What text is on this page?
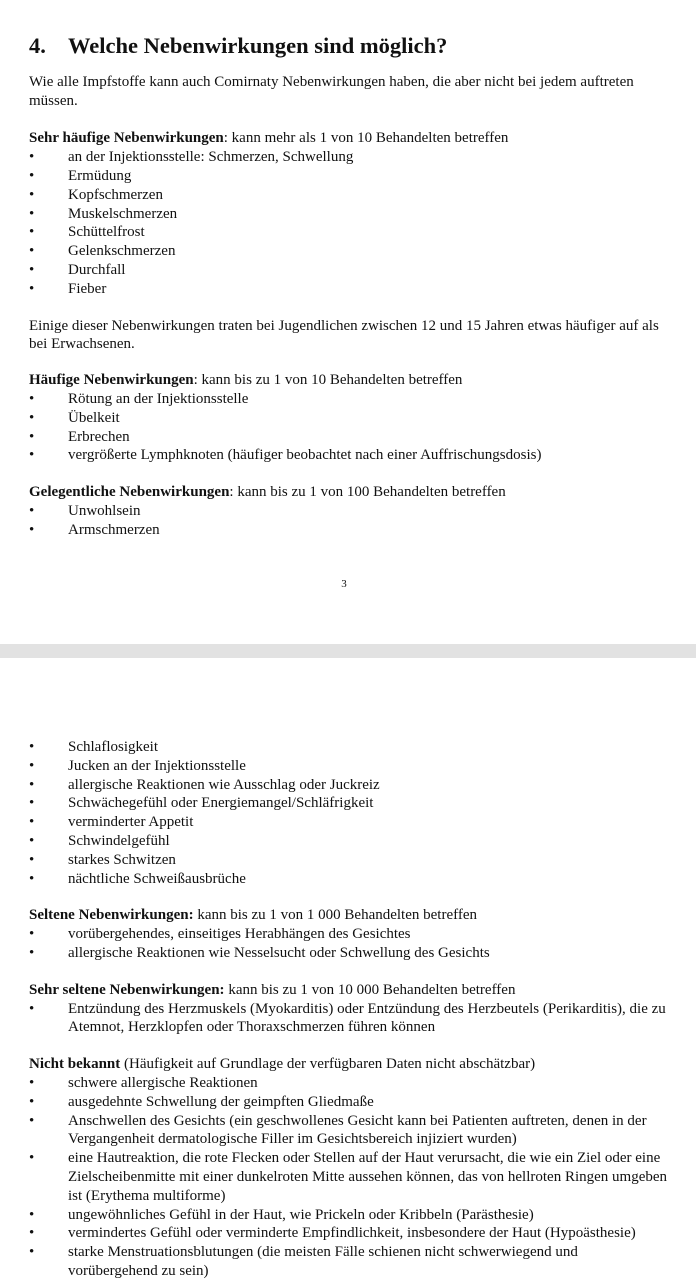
4. Welche Nebenwirkungen sind möglich?

Wie alle Impfstoffe kann auch Comirnaty Nebenwirkungen haben, die aber nicht bei jedem auftreten müssen.

Sehr häufige Nebenwirkungen: kann mehr als 1 von 10 Behandelten betreffen

•	an der Injektionsstelle: Schmerzen, Schwellung
•	Ermüdung
•	Kopfschmerzen
•	Muskelschmerzen
•	Schüttelfrost
•	Gelenkschmerzen
•	Durchfall
•	Fieber

Einige dieser Nebenwirkungen traten bei Jugendlichen zwischen 12 und 15 Jahren etwas häufiger auf als bei Erwachsenen.

Häufige Nebenwirkungen: kann bis zu 1 von 10 Behandelten betreffen

•	Rötung an der Injektionsstelle
•	Übelkeit
•	Erbrechen
•	vergrößerte Lymphknoten (häufiger beobachtet nach einer Auffrischungsdosis)

Gelegentliche Nebenwirkungen: kann bis zu 1 von 100 Behandelten betreffen

•	Unwohlsein
•	Armschmerzen
3
•	Schlaflosigkeit
•	Jucken an der Injektionsstelle
•	allergische Reaktionen wie Ausschlag oder Juckreiz
•	Schwächegefühl oder Energiemangel/Schläfrigkeit
•	verminderter Appetit
•	Schwindelgefühl
•	starkes Schwitzen
•	nächtliche Schweißausbrüche

Seltene Nebenwirkungen: kann bis zu 1 von 1 000 Behandelten betreffen

•	vorübergehendes, einseitiges Herabhängen des Gesichtes
•	allergische Reaktionen wie Nesselsucht oder Schwellung des Gesichts

Sehr seltene Nebenwirkungen: kann bis zu 1 von 10 000 Behandelten betreffen

•	Entzündung des Herzmuskels (Myokarditis) oder Entzündung des Herzbeutels (Perikarditis), die zu Atemnot, Herzklopfen oder Thoraxschmerzen führen können

Nicht bekannt (Häufigkeit auf Grundlage der verfügbaren Daten nicht abschätzbar)

•	schwere allergische Reaktionen
•	ausgedehnte Schwellung der geimpften Gliedmaße
•	Anschwellen des Gesichts (ein geschwollenes Gesicht kann bei Patienten auftreten, denen in der Vergangenheit dermatologische Filler im Gesichtsbereich injiziert wurden)
•	eine Hautreaktion, die rote Flecken oder Stellen auf der Haut verursacht, die wie ein Ziel oder eine Zielscheibenmitte mit einer dunkelroten Mitte aussehen können, das von hellroten Ringen umgeben ist (Erythema multiforme)
•	ungewöhnliches Gefühl in der Haut, wie Prickeln oder Kribbeln (Parästhesie)
•	vermindertes Gefühl oder verminderte Empfindlichkeit, insbesondere der Haut (Hypoästhesie)
•	starke Menstruationsblutungen (die meisten Fälle schienen nicht schwerwiegend und vorübergehend zu sein)
